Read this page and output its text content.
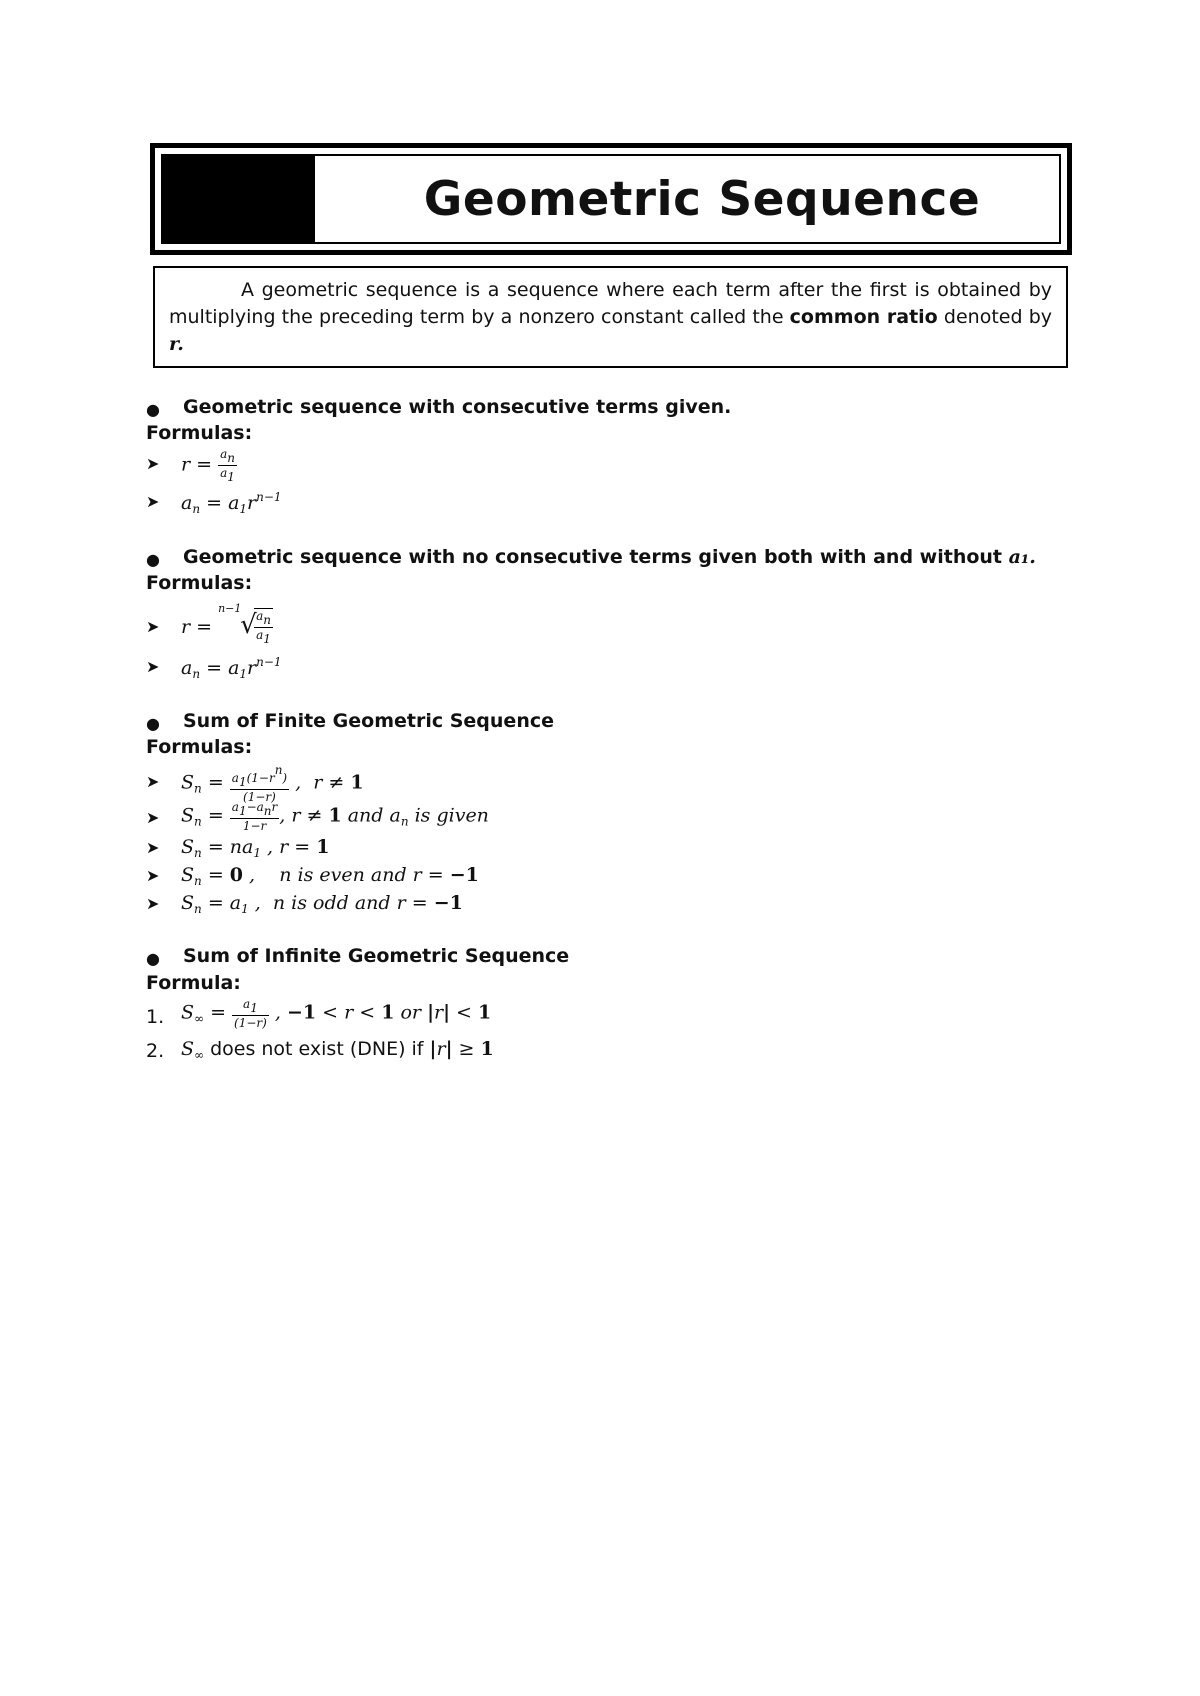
Geometric Sequence
A geometric sequence is a sequence where each term after the first is obtained by multiplying the preceding term by a nonzero constant called the common ratio denoted by r.
● Geometric sequence with consecutive terms given.
Formulas:
➤ $r = \frac{a_n}{a_1}$
➤ $a_n = a_1r^{n-1}$
● Geometric sequence with no consecutive terms given both with and without a₁.
Formulas:
➤ r =
n−1
√
$\frac{a_n}{a_1}$
➤ $a_n = a_1r^{n-1}$
● Sum of Finite Geometric Sequence
Formulas:
➤ $S_n = \frac{a_1(1-r^n)}{(1-r)}$ ,  r ≠ 1
➤ $S_n = \frac{a_1-a_nr}{1-r}$ , r ≠ 1 and $a_n$ is given
➤ $S_n = na_1$ , r = 1
➤ $S_n = 0$ ,    n is even and r = −1
➤ $S_n = a_1$ ,  n is odd and r = −1
● Sum of Infinite Geometric Sequence
Formula:
1. $S_\infty = \frac{a_1}{(1-r)}$ , −1 < r < 1 or |r| < 1
2. $S_\infty$ does not exist (DNE) if |r| ≥ 1
